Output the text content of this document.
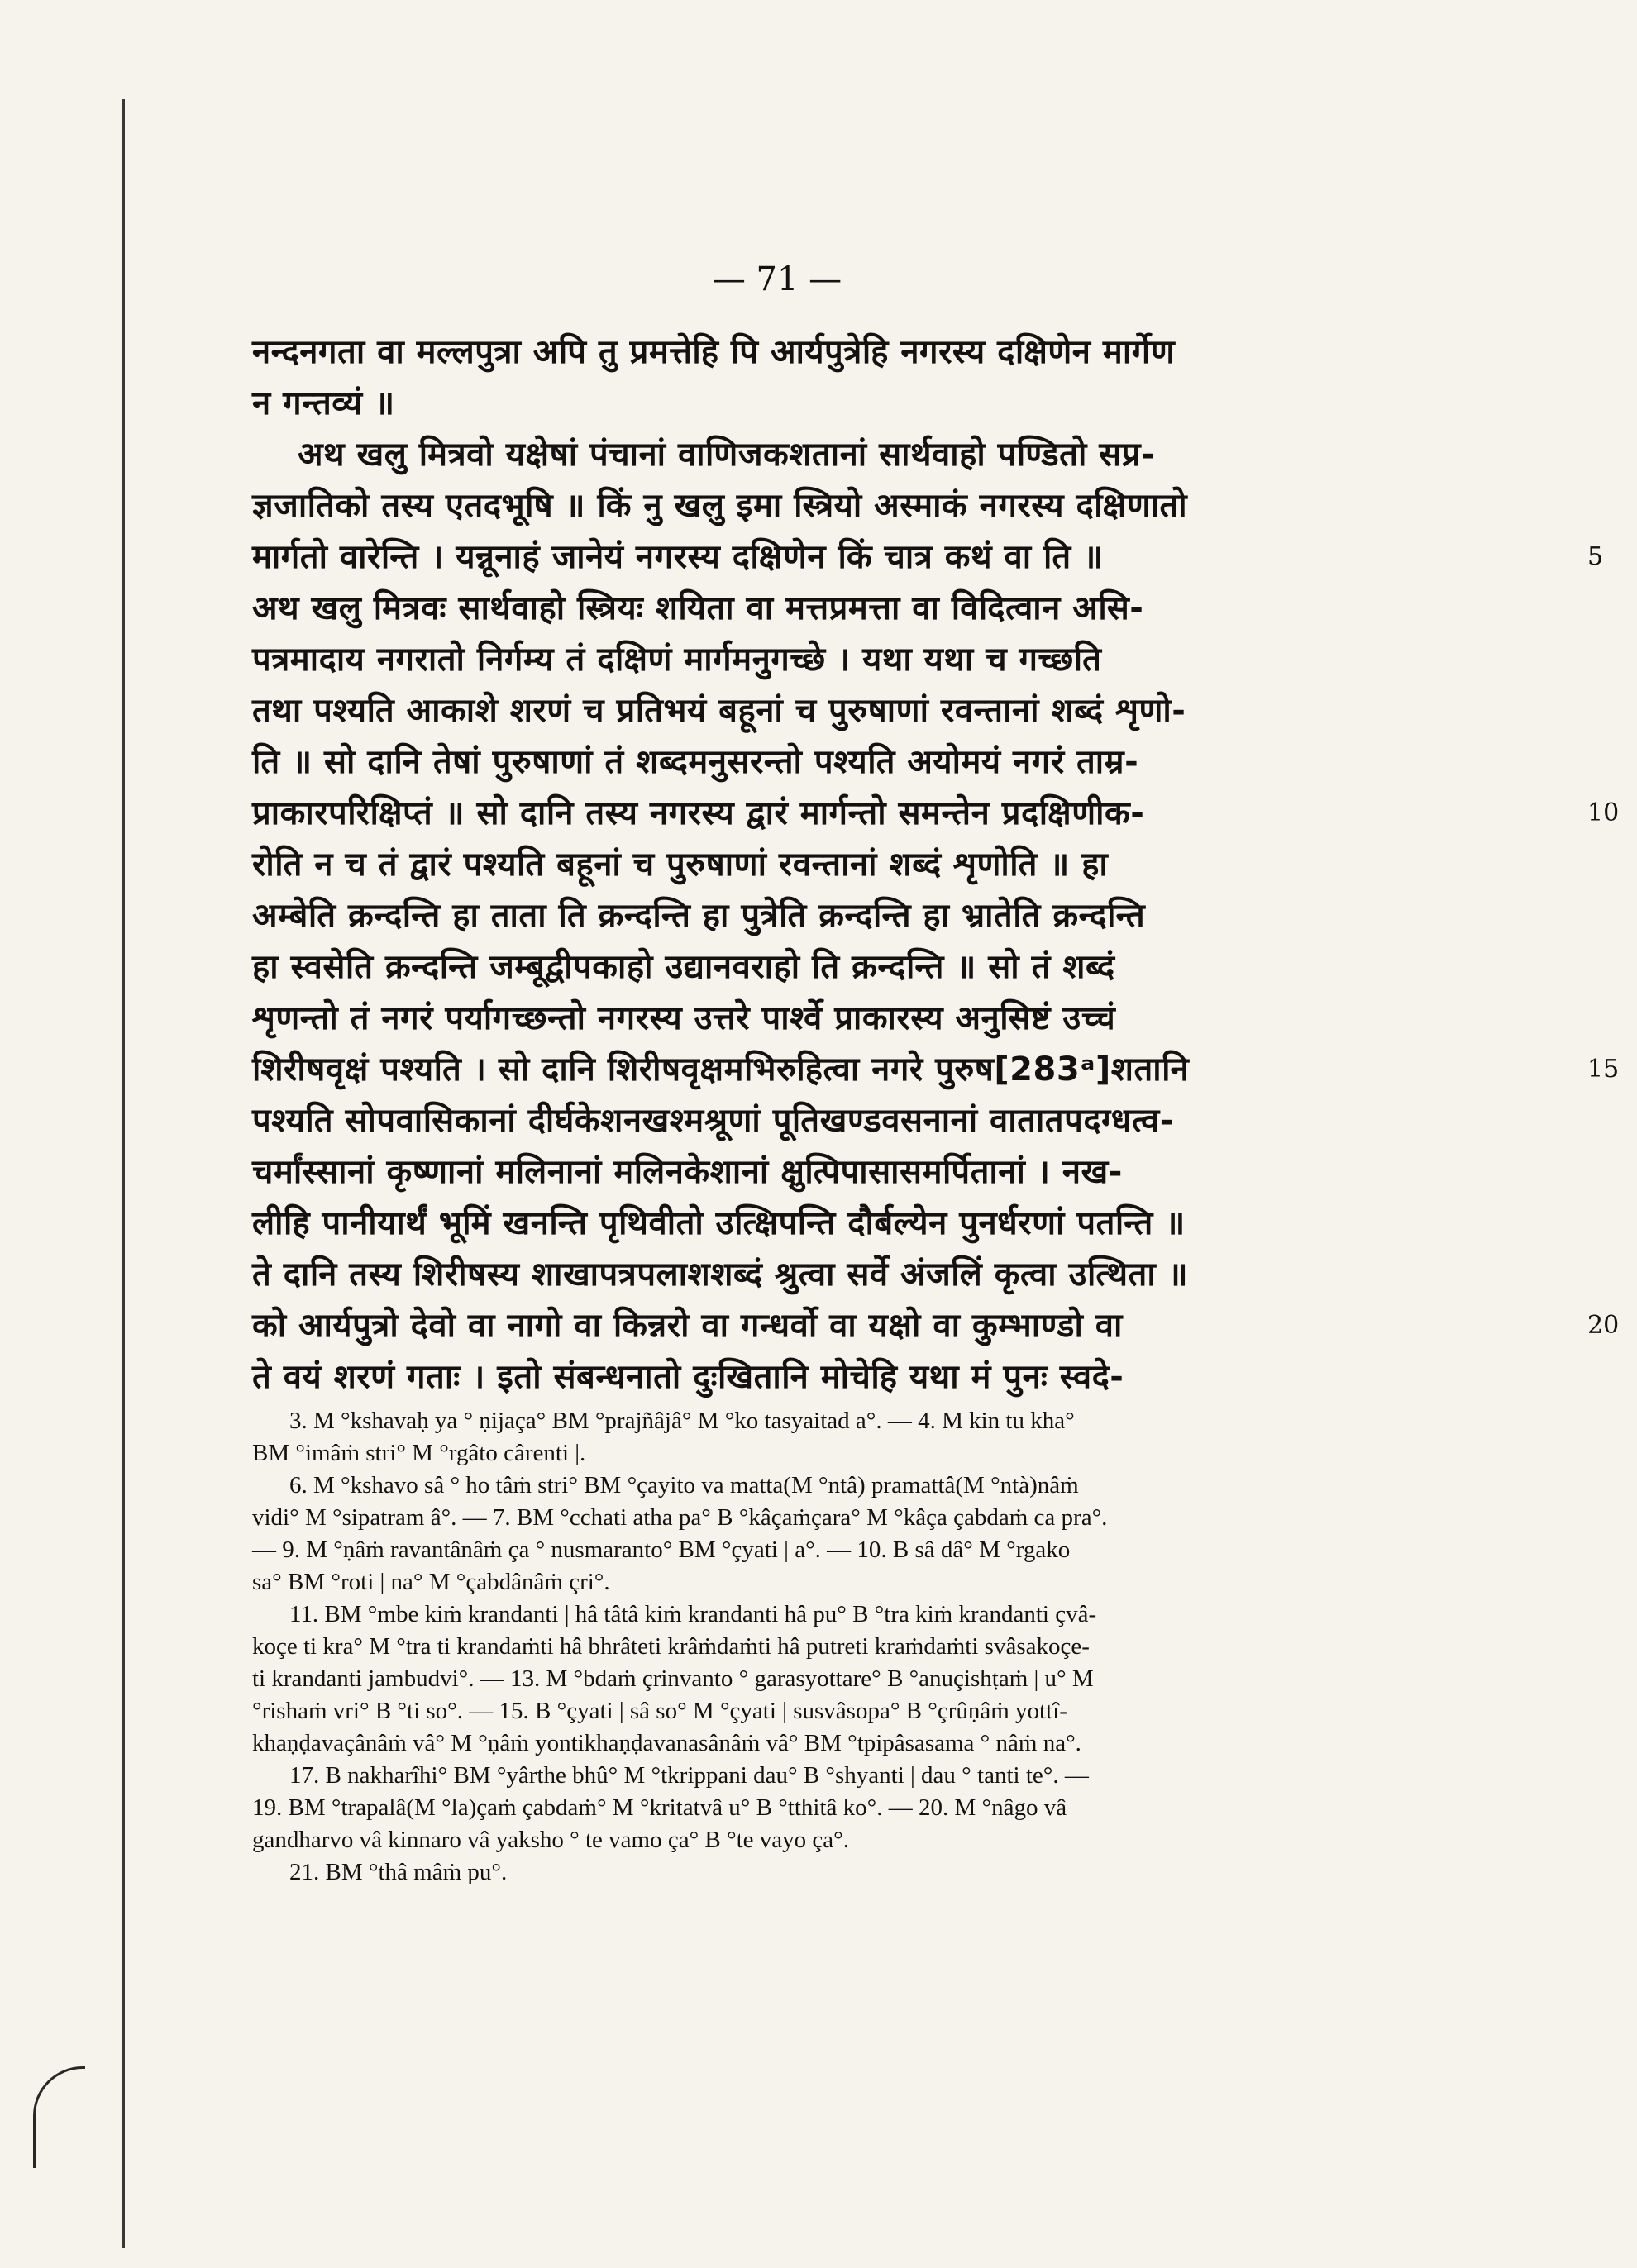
— 71 —
नन्दनगता वा मल्लपुत्रा अपि तु प्रमत्तेहि पि आर्यपुत्रेहि नगरस्य दक्षिणेन मार्गेण
न गन्तव्यं ॥
अथ खलु मित्रवो यक्षेषां पंचानां वाणिजकशतानां सार्थवाहो पण्डितो सप्र-
ज्ञजातिको तस्य एतदभूषि ॥ किं नु खलु इमा स्त्रियो अस्माकं नगरस्य दक्षिणातो
मार्गतो वारेन्ति । यन्नूनाहं जानेयं नगरस्य दक्षिणेन किं चात्र कथं वा ति ॥	5
अथ खलु मित्रवः सार्थवाहो स्त्रियः शयिता वा मत्तप्रमत्ता वा विदित्वान असि-
पत्रमादाय नगरातो निर्गम्य तं दक्षिणं मार्गमनुगच्छे । यथा यथा च गच्छति
तथा पश्यति आकाशे शरणं च प्रतिभयं बहूनां च पुरुषाणां रवन्तानां शब्दं शृणो-
ति ॥ सो दानि तेषां पुरुषाणां तं शब्दमनुसरन्तो पश्यति अयोमयं नगरं ताम्र-
प्राकारपरिक्षिप्तं ॥ सो दानि तस्य नगरस्य द्वारं मार्गन्तो समन्तेन प्रदक्षिणीक-	10
रोति न च तं द्वारं पश्यति बहूनां च पुरुषाणां रवन्तानां शब्दं शृणोति ॥ हा
अम्बेति क्रन्दन्ति हा ताता ति क्रन्दन्ति हा पुत्रेति क्रन्दन्ति हा भ्रातेति क्रन्दन्ति
हा स्वसेति क्रन्दन्ति जम्बूद्वीपकाहो उद्यानवराहो ति क्रन्दन्ति ॥ सो तं शब्दं
शृणन्तो तं नगरं पर्यागच्छन्तो नगरस्य उत्तरे पार्श्वे प्राकारस्य अनुसिष्टं उच्चं
शिरीषवृक्षं पश्यति । सो दानि शिरीषवृक्षमभिरुहित्वा नगरे पुरुष[283ᵃ]शतानि	15
पश्यति सोपवासिकानां दीर्घकेशनखश्मश्रूणां पूतिखण्डवसनानां वातातपदग्धत्व-
चर्मांस्सानां कृष्णानां मलिनानां मलिनकेशानां क्षुत्पिपासासमर्पितानां । नख-
लीहि पानीयार्थं भूमिं खनन्ति पृथिवीतो उत्क्षिपन्ति दौर्बल्येन पुनर्धरणां पतन्ति ॥
ते दानि तस्य शिरीषस्य शाखापत्रपलाशशब्दं श्रुत्वा सर्वे अंजलिं कृत्वा उत्थिता ॥
को आर्यपुत्रो देवो वा नागो वा किन्नरो वा गन्धर्वो वा यक्षो वा कुम्भाण्डो वा	20
ते वयं शरणं गताः । इतो संबन्धनातो दुःखितानि मोचेहि यथा मं पुनः स्वदे-

3. M °kshavaḥ ya ° ṇijaça° BM °prajñâjâ° M °ko tasyaitad a°. — 4. M kin tu kha°

BM °imâṁ stri° M °rgâto cârenti |.

6. M °kshavo sâ ° ho tâṁ stri° BM °çayito va matta(M °ntâ) pramattâ(M °ntà)nâṁ

vidi° M °sipatram â°. — 7. BM °cchati atha pa° B °kâçaṁçara° M °kâça çabdaṁ ca pra°.

— 9. M °ṇâṁ ravantânâṁ ça ° nusmaranto° BM °çyati | a°. — 10. B sâ dâ° M °rgako

sa° BM °roti | na° M °çabdânâṁ çri°.

11. BM °mbe kiṁ krandanti | hâ tâtâ kiṁ krandanti hâ pu° B °tra kiṁ krandanti çvâ-

koçe ti kra° M °tra ti krandaṁti hâ bhrâteti krâṁdaṁti hâ putreti kraṁdaṁti svâsakoçe-

ti krandanti jambudvi°. — 13. M °bdaṁ çrinvanto ° garasyottare° B °anuçishṭaṁ | u° M

°rishaṁ vri° B °ti so°. — 15. B °çyati | sâ so° M °çyati | susvâsopa° B °çrûṇâṁ yottî-

khaṇḍavaçânâṁ vâ° M °ṇâṁ yontikhaṇḍavanasânâṁ vâ° BM °tpipâsasama ° nâṁ na°.

17. B nakharîhi° BM °yârthe bhû° M °tkrippani dau° B °shyanti | dau ° tanti te°. —

19. BM °trapalâ(M °la)çaṁ çabdaṁ° M °kritatvâ u° B °tthitâ ko°. — 20. M °nâgo vâ

gandharvo vâ kinnaro vâ yaksho ° te vamo ça° B °te vayo ça°.

21. BM °thâ mâṁ pu°.
